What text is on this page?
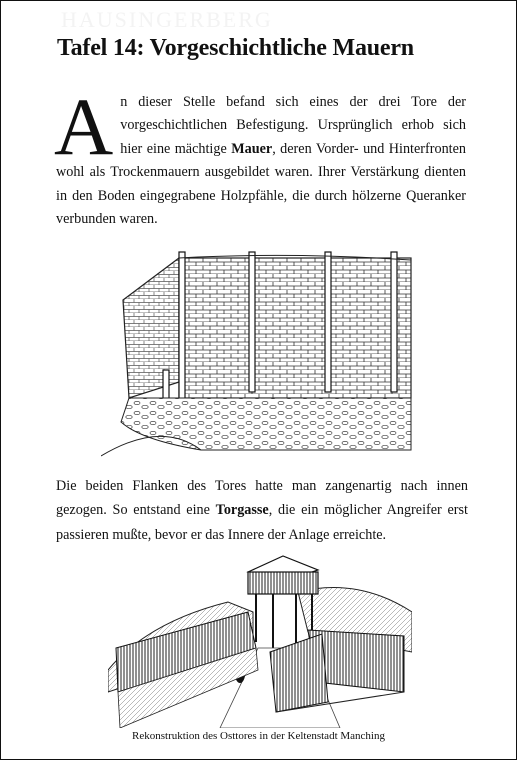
HAUSINGERBERG
Tafel 14: Vorgeschichtliche Mauern

An dieser Stelle befand sich eines der drei Tore der vorgeschichtlichen Befestigung. Ursprünglich erhob sich hier eine mächtige Mauer, deren Vorder- und Hinterfronten wohl als Trockenmauern ausgebildet waren. Ihrer Verstärkung dienten in den Boden eingegrabene Holzpfähle, die durch hölzerne Queranker verbunden waren.

Die beiden Flanken des Tores hatte man zangenartig nach innen gezogen. So entstand eine Torgasse, die ein möglicher Angreifer erst passieren mußte, bevor er das Innere der Anlage erreichte.

Rekonstruktion des Osttores in der Keltenstadt Manching
